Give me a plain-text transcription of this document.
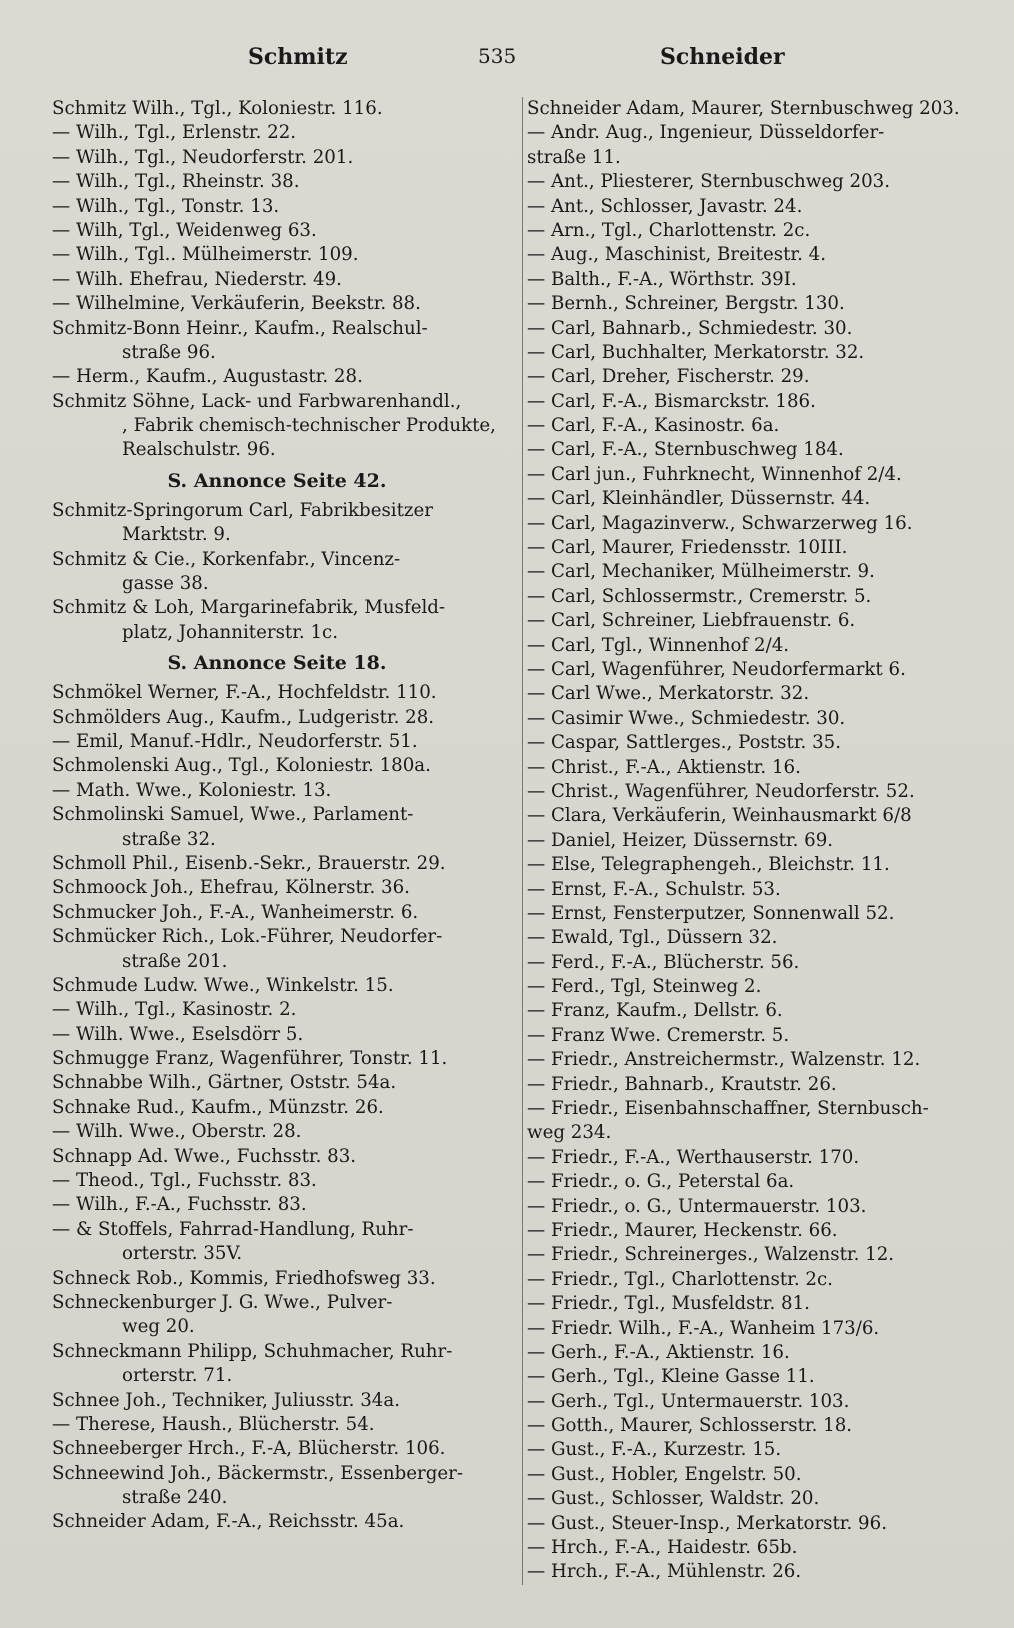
Schmitz	535	Schneider
Schmitz Wilh., Tgl., Koloniestr. 116.
— Wilh., Tgl., Erlenstr. 22.
— Wilh., Tgl., Neudorferstr. 201.
— Wilh., Tgl., Rheinstr. 38.
— Wilh., Tgl., Tonstr. 13.
— Wilh, Tgl., Weidenweg 63.
— Wilh., Tgl.. Mülheimerstr. 109.
— Wilh. Ehefrau, Niederstr. 49.
— Wilhelmine, Verkäuferin, Beekstr. 88.
Schmitz-Bonn Heinr., Kaufm., Realschul-
straße 96.
— Herm., Kaufm., Augustastr. 28.
Schmitz Söhne, Lack- und Farbwarenhandl.,
, Fabrik chemisch-technischer Produkte,
Realschulstr. 96.
S. Annonce Seite 42.
Schmitz-Springorum Carl, Fabrikbesitzer
Marktstr. 9.
Schmitz & Cie., Korkenfabr., Vincenz-
gasse 38.
Schmitz & Loh, Margarinefabrik, Musfeld-
platz, Johanniterstr. 1c.
S. Annonce Seite 18.
Schmökel Werner, F.-A., Hochfeldstr. 110.
Schmölders Aug., Kaufm., Ludgeristr. 28.
— Emil, Manuf.-Hdlr., Neudorferstr. 51.
Schmolenski Aug., Tgl., Koloniestr. 180a.
— Math. Wwe., Koloniestr. 13.
Schmolinski Samuel, Wwe., Parlament-
straße 32.
Schmoll Phil., Eisenb.-Sekr., Brauerstr. 29.
Schmoock Joh., Ehefrau, Kölnerstr. 36.
Schmucker Joh., F.-A., Wanheimerstr. 6.
Schmücker Rich., Lok.-Führer, Neudorfer-
straße 201.
Schmude Ludw. Wwe., Winkelstr. 15.
— Wilh., Tgl., Kasinostr. 2.
— Wilh. Wwe., Eselsdörr 5.
Schmugge Franz, Wagenführer, Tonstr. 11.
Schnabbe Wilh., Gärtner, Oststr. 54a.
Schnake Rud., Kaufm., Münzstr. 26.
— Wilh. Wwe., Oberstr. 28.
Schnapp Ad. Wwe., Fuchsstr. 83.
— Theod., Tgl., Fuchsstr. 83.
— Wilh., F.-A., Fuchsstr. 83.
— & Stoffels, Fahrrad-Handlung, Ruhr-
orterstr. 35V.
Schneck Rob., Kommis, Friedhofsweg 33.
Schneckenburger J. G. Wwe., Pulver-
weg 20.
Schneckmann Philipp, Schuhmacher, Ruhr-
orterstr. 71.
Schnee Joh., Techniker, Juliusstr. 34a.
— Therese, Haush., Blücherstr. 54.
Schneeberger Hrch., F.-A, Blücherstr. 106.
Schneewind Joh., Bäckermstr., Essenberger-
straße 240.
Schneider Adam, F.-A., Reichsstr. 45a.
Schneider Adam, Maurer, Sternbuschweg 203.
— Andr. Aug., Ingenieur, Düsseldorfer-
straße 11.
— Ant., Pliesterer, Sternbuschweg 203.
— Ant., Schlosser, Javastr. 24.
— Arn., Tgl., Charlottenstr. 2c.
— Aug., Maschinist, Breitestr. 4.
— Balth., F.-A., Wörthstr. 39I.
— Bernh., Schreiner, Bergstr. 130.
— Carl, Bahnarb., Schmiedestr. 30.
— Carl, Buchhalter, Merkatorstr. 32.
— Carl, Dreher, Fischerstr. 29.
— Carl, F.-A., Bismarckstr. 186.
— Carl, F.-A., Kasinostr. 6a.
— Carl, F.-A., Sternbuschweg 184.
— Carl jun., Fuhrknecht, Winnenhof 2/4.
— Carl, Kleinhändler, Düssernstr. 44.
— Carl, Magazinverw., Schwarzerweg 16.
— Carl, Maurer, Friedensstr. 10III.
— Carl, Mechaniker, Mülheimerstr. 9.
— Carl, Schlossermstr., Cremerstr. 5.
— Carl, Schreiner, Liebfrauenstr. 6.
— Carl, Tgl., Winnenhof 2/4.
— Carl, Wagenführer, Neudorfermarkt 6.
— Carl Wwe., Merkatorstr. 32.
— Casimir Wwe., Schmiedestr. 30.
— Caspar, Sattlerges., Poststr. 35.
— Christ., F.-A., Aktienstr. 16.
— Christ., Wagenführer, Neudorferstr. 52.
— Clara, Verkäuferin, Weinhausmarkt 6/8
— Daniel, Heizer, Düssernstr. 69.
— Else, Telegraphengeh., Bleichstr. 11.
— Ernst, F.-A., Schulstr. 53.
— Ernst, Fensterputzer, Sonnenwall 52.
— Ewald, Tgl., Düssern 32.
— Ferd., F.-A., Blücherstr. 56.
— Ferd., Tgl, Steinweg 2.
— Franz, Kaufm., Dellstr. 6.
— Franz Wwe. Cremerstr. 5.
— Friedr., Anstreichermstr., Walzenstr. 12.
— Friedr., Bahnarb., Krautstr. 26.
— Friedr., Eisenbahnschaffner, Sternbusch-
weg 234.
— Friedr., F.-A., Werthauserstr. 170.
— Friedr., o. G., Peterstal 6a.
— Friedr., o. G., Untermauerstr. 103.
— Friedr., Maurer, Heckenstr. 66.
— Friedr., Schreinerges., Walzenstr. 12.
— Friedr., Tgl., Charlottenstr. 2c.
— Friedr., Tgl., Musfeldstr. 81.
— Friedr. Wilh., F.-A., Wanheim 173/6.
— Gerh., F.-A., Aktienstr. 16.
— Gerh., Tgl., Kleine Gasse 11.
— Gerh., Tgl., Untermauerstr. 103.
— Gotth., Maurer, Schlosserstr. 18.
— Gust., F.-A., Kurzestr. 15.
— Gust., Hobler, Engelstr. 50.
— Gust., Schlosser, Waldstr. 20.
— Gust., Steuer-Insp., Merkatorstr. 96.
— Hrch., F.-A., Haidestr. 65b.
— Hrch., F.-A., Mühlenstr. 26.
